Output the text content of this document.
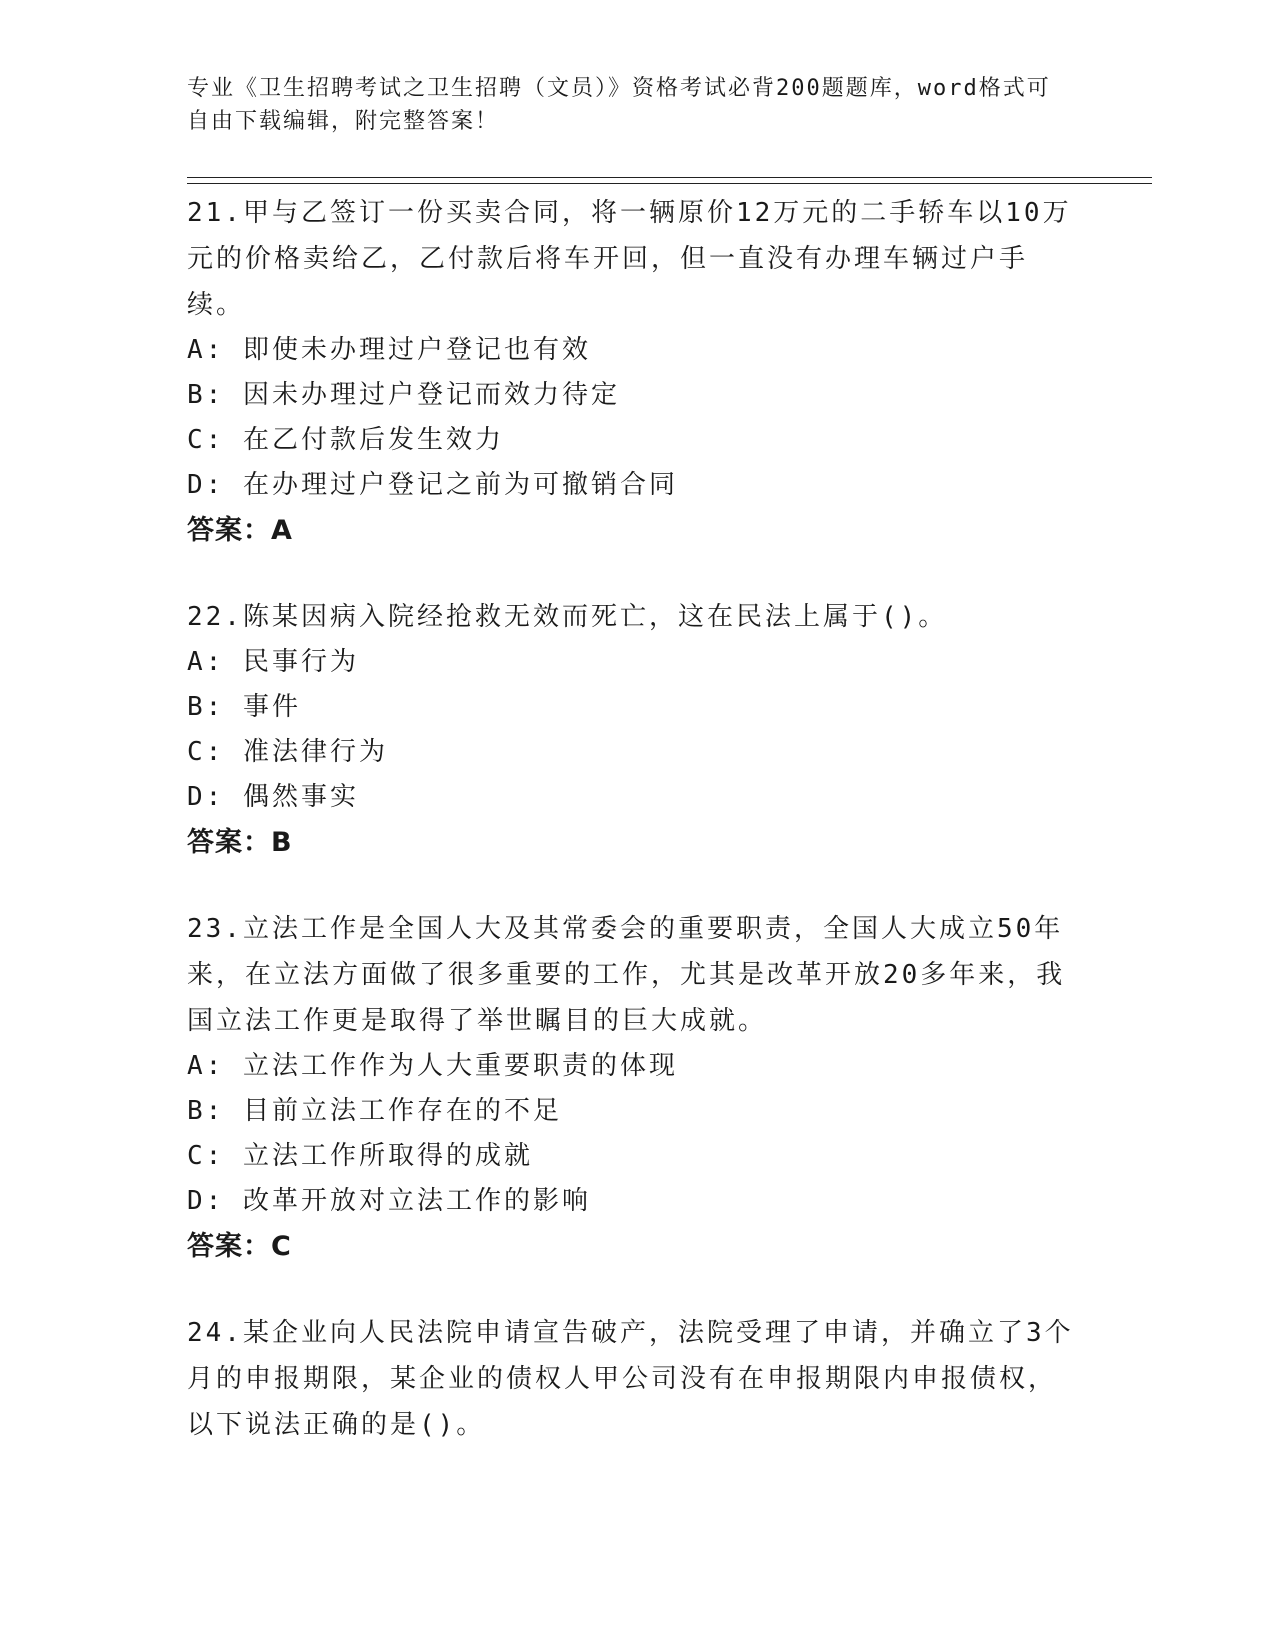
专业《卫生招聘考试之卫生招聘（文员）》资格考试必背200题题库，word格式可自由下载编辑，附完整答案！

21.甲与乙签订一份买卖合同，将一辆原价12万元的二手轿车以10万元的价格卖给乙，乙付款后将车开回，但一直没有办理车辆过户手续。

A: 即使未办理过户登记也有效

B: 因未办理过户登记而效力待定

C: 在乙付款后发生效力

D: 在办理过户登记之前为可撤销合同

答案：A

22.陈某因病入院经抢救无效而死亡，这在民法上属于()。

A: 民事行为

B: 事件

C: 准法律行为

D: 偶然事实

答案：B

23.立法工作是全国人大及其常委会的重要职责，全国人大成立50年来，在立法方面做了很多重要的工作，尤其是改革开放20多年来，我国立法工作更是取得了举世瞩目的巨大成就。

A: 立法工作作为人大重要职责的体现

B: 目前立法工作存在的不足

C: 立法工作所取得的成就

D: 改革开放对立法工作的影响

答案：C

24.某企业向人民法院申请宣告破产，法院受理了申请，并确立了3个月的申报期限，某企业的债权人甲公司没有在申报期限内申报债权，以下说法正确的是()。
